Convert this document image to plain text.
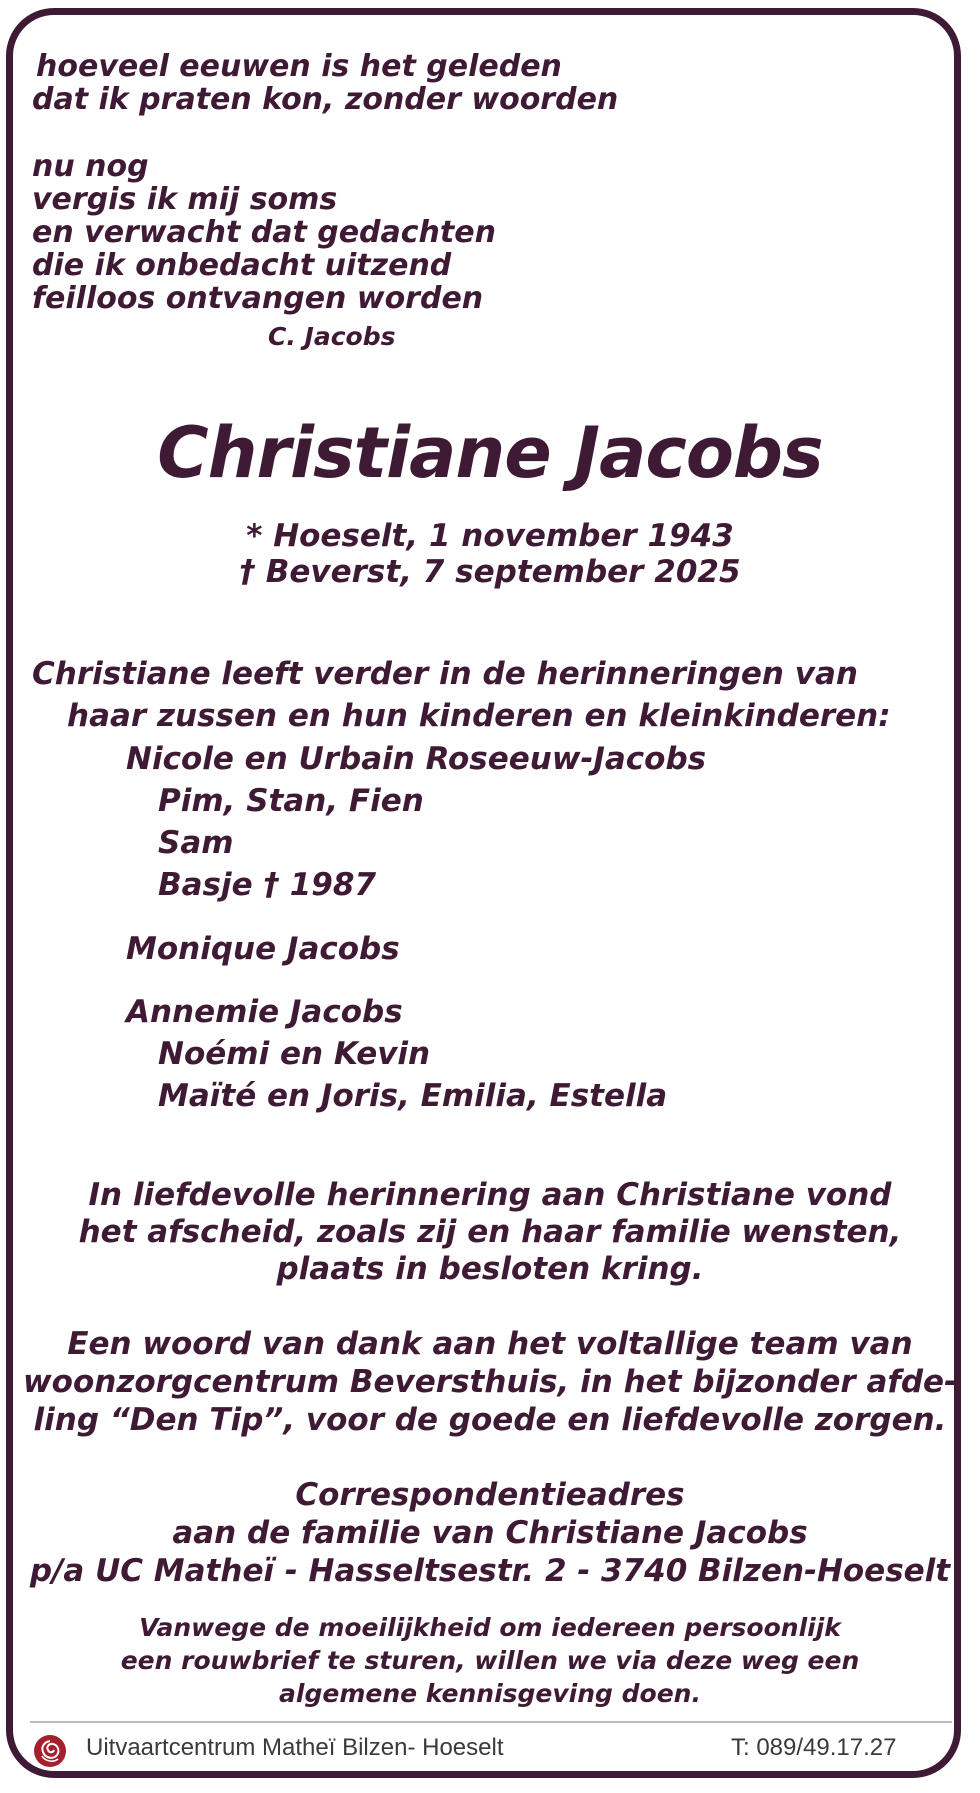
hoeveel eeuwen is het geleden

dat ik praten kon, zonder woorden

nu nog

vergis ik mij soms

en verwacht dat gedachten

die ik onbedacht uitzend

feilloos ontvangen worden

C. Jacobs

Christiane Jacobs

* Hoeselt, 1 november 1943

† Beverst, 7 september 2025

Christiane leeft verder in de herinneringen van

haar zussen en hun kinderen en kleinkinderen:

Nicole en Urbain Roseeuw-Jacobs

Pim, Stan, Fien

Sam

Basje † 1987

Monique Jacobs

Annemie Jacobs

Noémi en Kevin

Maïté en Joris, Emilia, Estella

In liefdevolle herinnering aan Christiane vond

het afscheid, zoals zij en haar familie wensten,

plaats in besloten kring.

Een woord van dank aan het voltallige team van

woonzorgcentrum Beversthuis, in het bijzonder afde-

ling “Den Tip”, voor de goede en liefdevolle zorgen.

Correspondentieadres

aan de familie van Christiane Jacobs

p/a UC Matheï - Hasseltsestr. 2 - 3740 Bilzen-Hoeselt

Vanwege de moeilijkheid om iedereen persoonlijk

een rouwbrief te sturen, willen we via deze weg een

algemene kennisgeving doen.

Uitvaartcentrum Matheï Bilzen- Hoeselt	T: 089/49.17.27
